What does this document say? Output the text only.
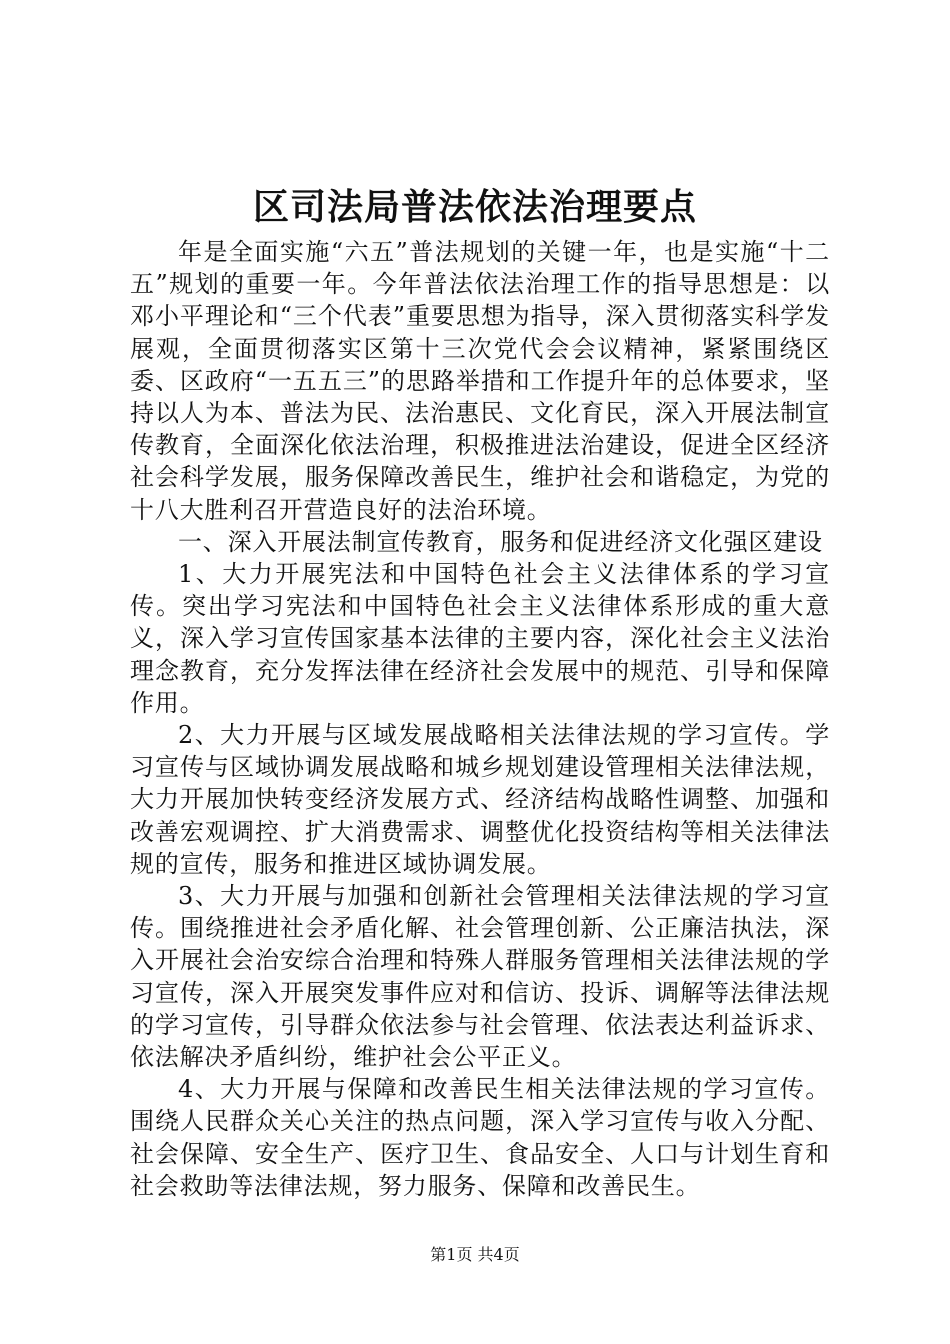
区司法局普法依法治理要点

年是全面实施“六五”普法规划的关键一年，也是实施“十二五”规划的重要一年。今年普法依法治理工作的指导思想是：以邓小平理论和“三个代表”重要思想为指导，深入贯彻落实科学发展观，全面贯彻落实区第十三次党代会会议精神，紧紧围绕区委、区政府“一五五三”的思路举措和工作提升年的总体要求，坚持以人为本、普法为民、法治惠民、文化育民，深入开展法制宣传教育，全面深化依法治理，积极推进法治建设，促进全区经济社会科学发展，服务保障改善民生，维护社会和谐稳定，为党的十八大胜利召开营造良好的法治环境。

一、深入开展法制宣传教育，服务和促进经济文化强区建设

1、大力开展宪法和中国特色社会主义法律体系的学习宣传。突出学习宪法和中国特色社会主义法律体系形成的重大意义，深入学习宣传国家基本法律的主要内容，深化社会主义法治理念教育，充分发挥法律在经济社会发展中的规范、引导和保障作用。

2、大力开展与区域发展战略相关法律法规的学习宣传。学习宣传与区域协调发展战略和城乡规划建设管理相关法律法规，大力开展加快转变经济发展方式、经济结构战略性调整、加强和改善宏观调控、扩大消费需求、调整优化投资结构等相关法律法规的宣传，服务和推进区域协调发展。

3、大力开展与加强和创新社会管理相关法律法规的学习宣传。围绕推进社会矛盾化解、社会管理创新、公正廉洁执法，深入开展社会治安综合治理和特殊人群服务管理相关法律法规的学习宣传，深入开展突发事件应对和信访、投诉、调解等法律法规的学习宣传，引导群众依法参与社会管理、依法表达利益诉求、依法解决矛盾纠纷，维护社会公平正义。

4、大力开展与保障和改善民生相关法律法规的学习宣传。围绕人民群众关心关注的热点问题，深入学习宣传与收入分配、社会保障、安全生产、医疗卫生、食品安全、人口与计划生育和社会救助等法律法规，努力服务、保障和改善民生。

第1页 共4页
